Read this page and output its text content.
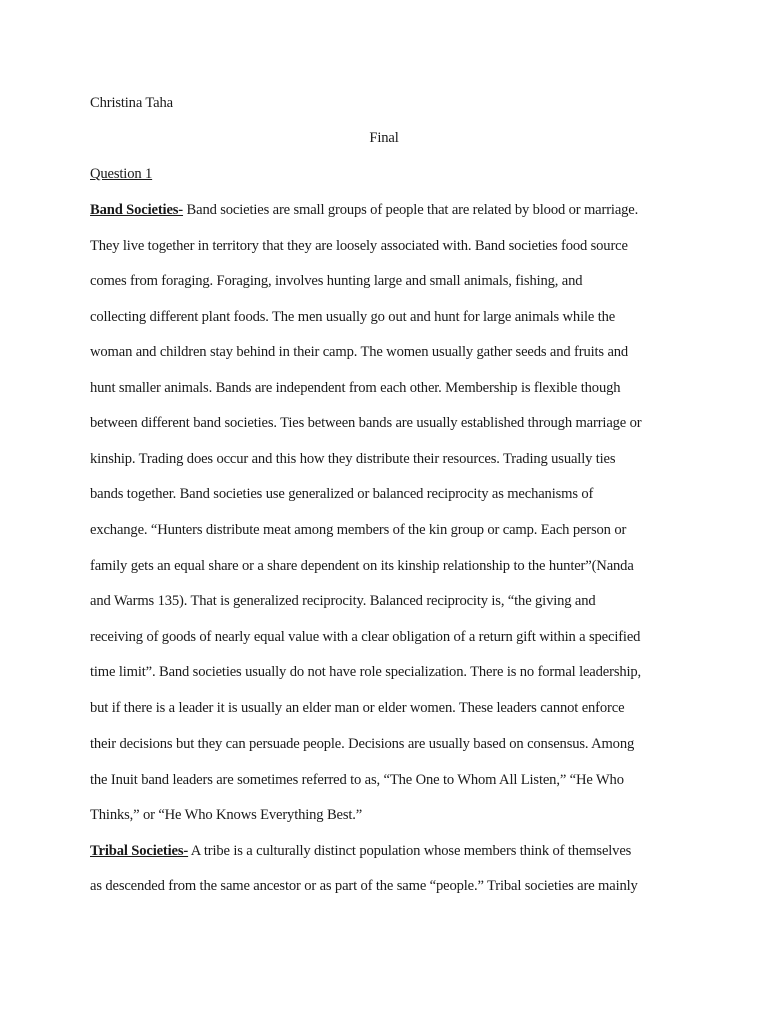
Christina Taha
Final
Question 1
Band Societies- Band societies are small groups of people that are related by blood or marriage.
They live together in territory that they are loosely associated with. Band societies food source
comes from foraging. Foraging, involves hunting large and small animals, fishing, and
collecting different plant foods. The men usually go out and hunt for large animals while the
woman and children stay behind in their camp. The women usually gather seeds and fruits and
hunt smaller animals. Bands are independent from each other. Membership is flexible though
between different band societies. Ties between bands are usually established through marriage or
kinship. Trading does occur and this how they distribute their resources. Trading usually ties
bands together. Band societies use generalized or balanced reciprocity as mechanisms of
exchange. “Hunters distribute meat among members of the kin group or camp. Each person or
family gets an equal share or a share dependent on its kinship relationship to the hunter”(Nanda
and Warms 135). That is generalized reciprocity. Balanced reciprocity is, “the giving and
receiving of goods of nearly equal value with a clear obligation of a return gift within a specified
time limit”. Band societies usually do not have role specialization. There is no formal leadership,
but if there is a leader it is usually an elder man or elder women. These leaders cannot enforce
their decisions but they can persuade people. Decisions are usually based on consensus. Among
the Inuit band leaders are sometimes referred to as, “The One to Whom All Listen,” “He Who
Thinks,” or “He Who Knows Everything Best.”
Tribal Societies- A tribe is a culturally distinct population whose members think of themselves
as descended from the same ancestor or as part of the same “people.” Tribal societies are mainly
